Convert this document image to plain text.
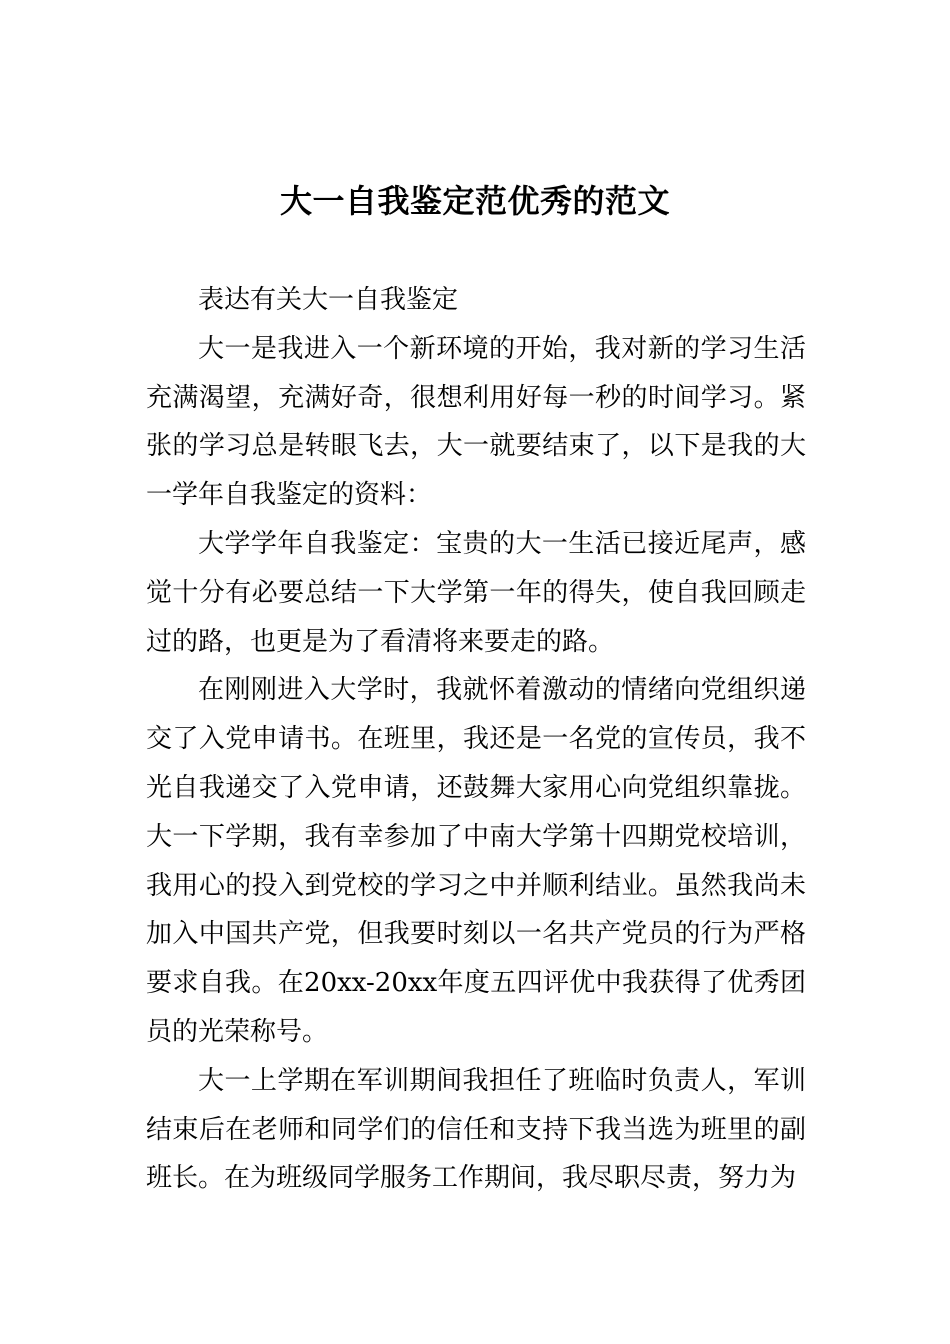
大一自我鉴定范优秀的范文

表达有关大一自我鉴定

大一是我进入一个新环境的开始，我对新的学习生活充满渴望，充满好奇，很想利用好每一秒的时间学习。紧张的学习总是转眼飞去，大一就要结束了，以下是我的大一学年自我鉴定的资料：

大学学年自我鉴定：宝贵的大一生活已接近尾声，感觉十分有必要总结一下大学第一年的得失，使自我回顾走过的路，也更是为了看清将来要走的路。

在刚刚进入大学时，我就怀着激动的情绪向党组织递交了入党申请书。在班里，我还是一名党的宣传员，我不光自我递交了入党申请，还鼓舞大家用心向党组织靠拢。大一下学期，我有幸参加了中南大学第十四期党校培训，我用心的投入到党校的学习之中并顺利结业。虽然我尚未加入中国共产党，但我要时刻以一名共产党员的行为严格要求自我。在20xx-20xx年度五四评优中我获得了优秀团员的光荣称号。

大一上学期在军训期间我担任了班临时负责人，军训结束后在老师和同学们的信任和支持下我当选为班里的副班长。在为班级同学服务工作期间，我尽职尽责，努力为
